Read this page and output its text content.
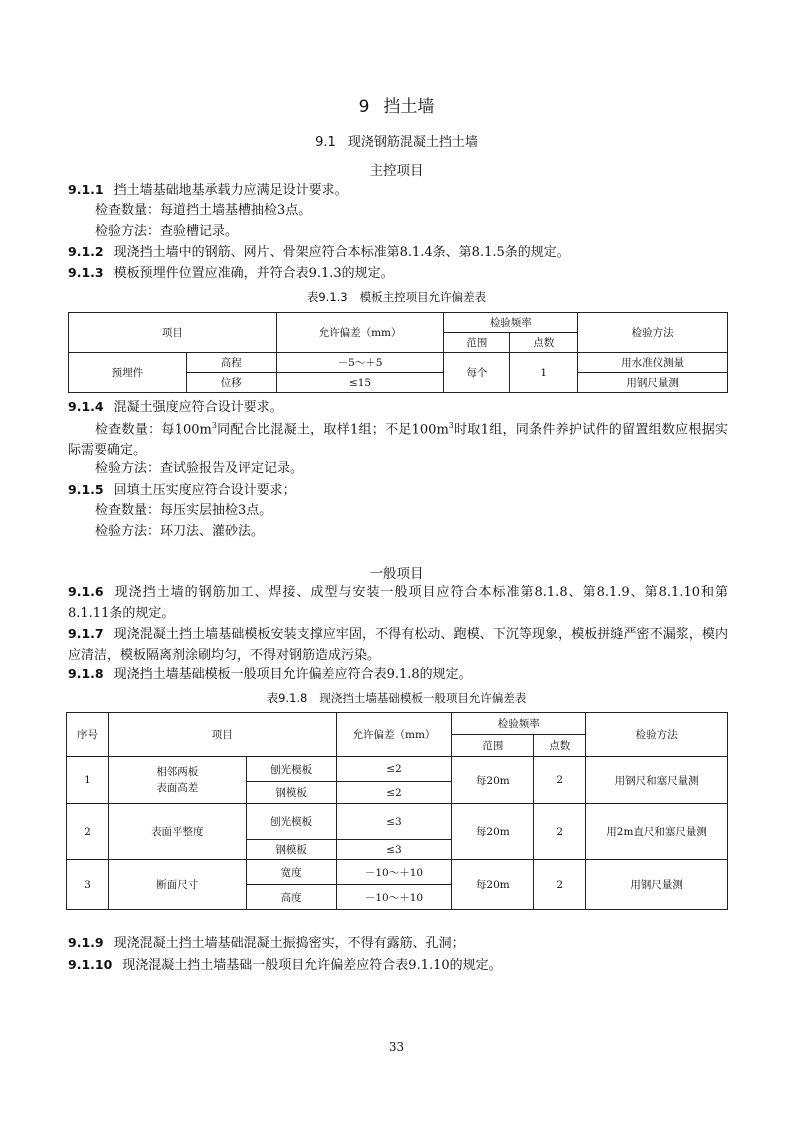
9 挡土墙
9.1 现浇钢筋混凝土挡土墙
主控项目
9.1.1 挡土墙基础地基承载力应满足设计要求。
检查数量：每道挡土墙基槽抽检3点。
检验方法：查验槽记录。
9.1.2 现浇挡土墙中的钢筋、网片、骨架应符合本标准第8.1.4条、第8.1.5条的规定。
9.1.3 模板预埋件位置应准确，并符合表9.1.3的规定。
表9.1.3 模板主控项目允许偏差表
项目		允许偏差（mm）	检验频率		检验方法
			范围	点数	
预埋件	高程	－5～＋5	每个	1	用水准仪测量
	位移	≤15			用钢尺量测
9.1.4 混凝土强度应符合设计要求。
检查数量：每$100m^3$同配合比混凝土，取样1组；不足$100m^3$时取1组，同条件养护试件的留置组数应根据实际需要确定。
检验方法：查试验报告及评定记录。
9.1.5 回填土压实度应符合设计要求；
检查数量：每压实层抽检3点。
检验方法：环刀法、灌砂法。
一般项目
9.1.6 现浇挡土墙的钢筋加工、焊接、成型与安装一般项目应符合本标准第8.1.8、第8.1.9、第8.1.10和第8.1.11条的规定。
9.1.7 现浇混凝土挡土墙基础模板安装支撑应牢固，不得有松动、跑模、下沉等现象，模板拼缝严密不漏浆，模内应清洁，模板隔离剂涂刷均匀，不得对钢筋造成污染。
9.1.8 现浇挡土墙基础模板一般项目允许偏差应符合表9.1.8的规定。
表9.1.8 现浇挡土墙基础模板一般项目允许偏差表
序号	项目		允许偏差（mm）	检验频率		检验方法
				范围	点数	
1	相邻两板
表面高差	刨光模板	≤2	每20m	2	用钢尺和塞尺量测
		钢模板	≤2			
2	表面平整度	刨光模板	≤3	每20m	2	用2m直尺和塞尺量测
		钢模板	≤3			
3	断面尺寸	宽度	－10～＋10	每20m	2	用钢尺量测
		高度	－10～＋10			
9.1.9 现浇混凝土挡土墙基础混凝土振捣密实，不得有露筋、孔洞；
9.1.10 现浇混凝土挡土墙基础一般项目允许偏差应符合表9.1.10的规定。
33
